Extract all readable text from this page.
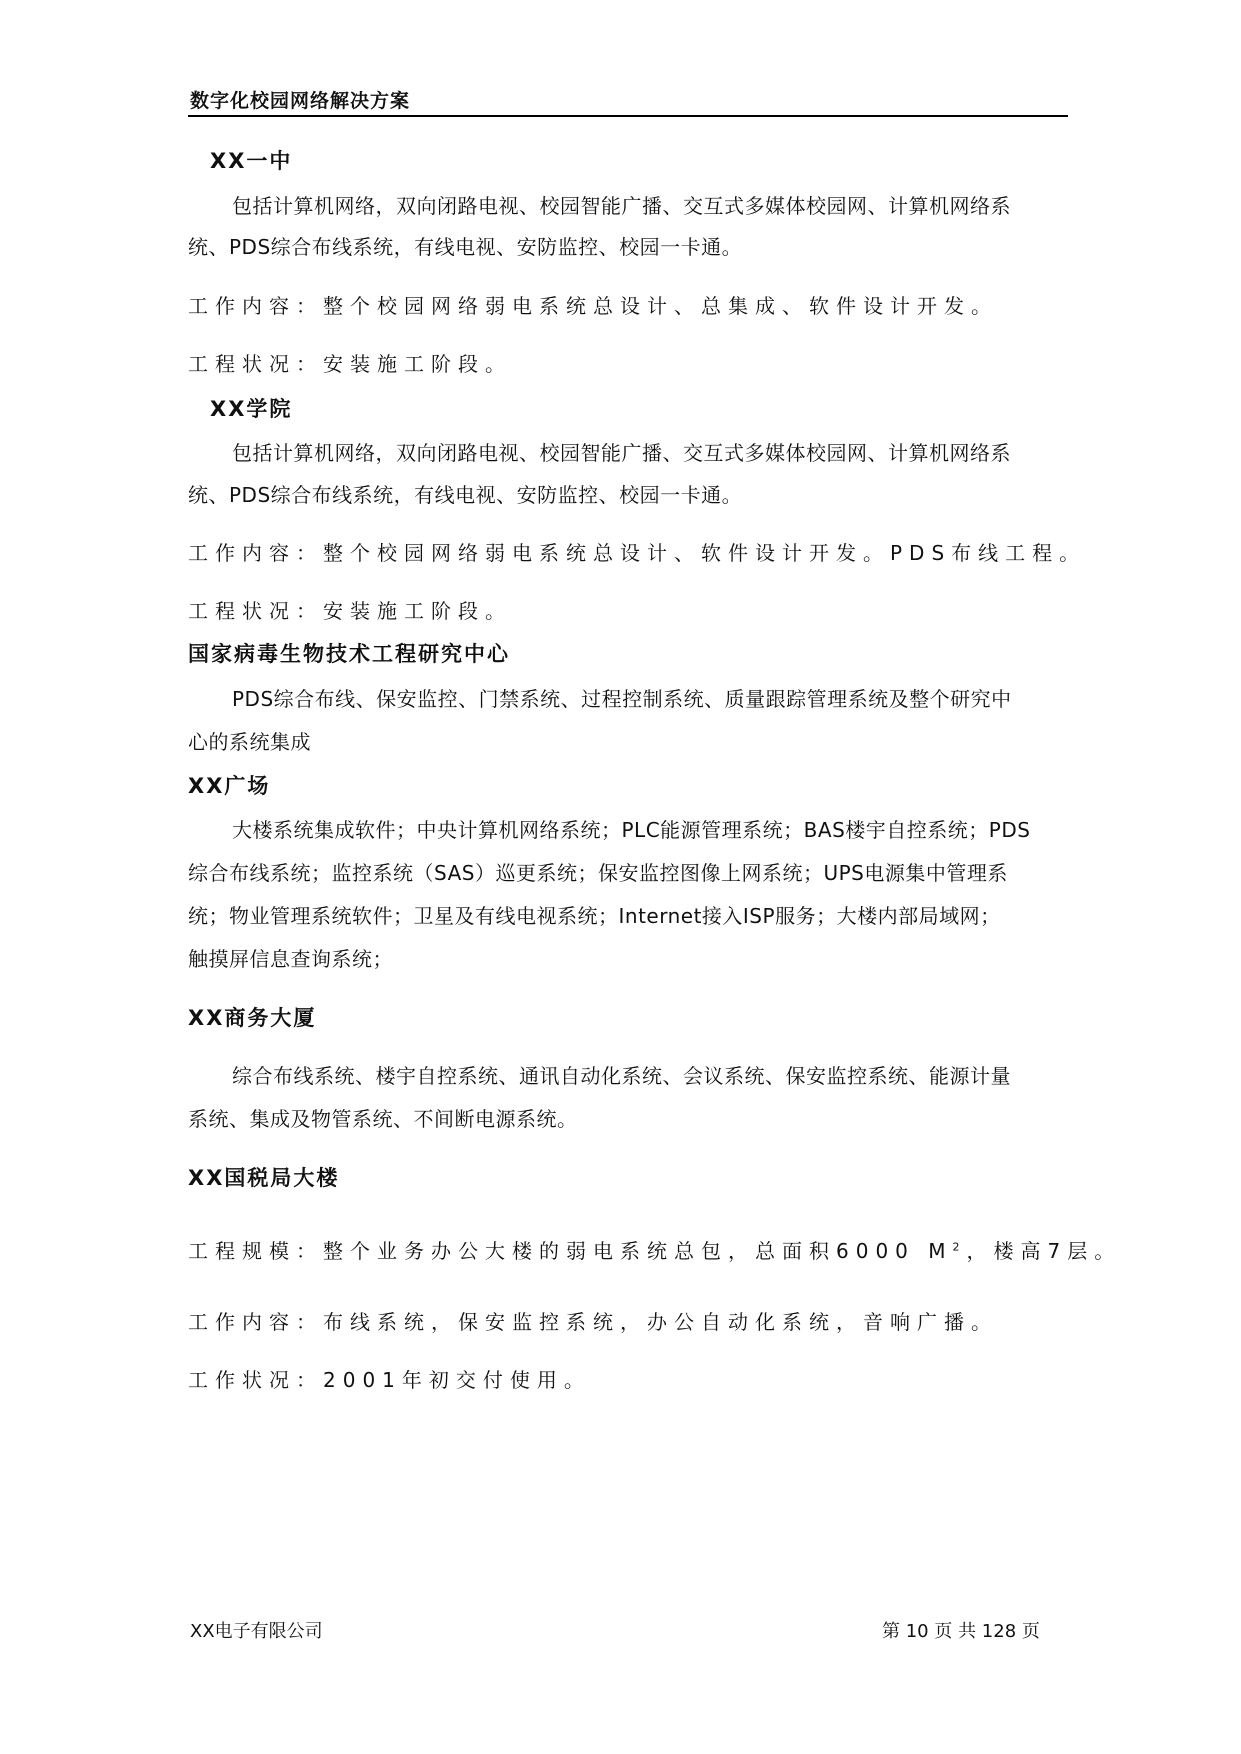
数字化校园网络解决方案
XX一中
包括计算机网络，双向闭路电视、校园智能广播、交互式多媒体校园网、计算机网络系
统、PDS综合布线系统，有线电视、安防监控、校园一卡通。
工作内容：整个校园网络弱电系统总设计、总集成、软件设计开发。
工程状况：安装施工阶段。
XX学院
包括计算机网络，双向闭路电视、校园智能广播、交互式多媒体校园网、计算机网络系
统、PDS综合布线系统，有线电视、安防监控、校园一卡通。
工作内容：整个校园网络弱电系统总设计、软件设计开发。PDS布线工程。
工程状况：安装施工阶段。
国家病毒生物技术工程研究中心
PDS综合布线、保安监控、门禁系统、过程控制系统、质量跟踪管理系统及整个研究中
心的系统集成
XX广场
大楼系统集成软件；中央计算机网络系统；PLC能源管理系统；BAS楼宇自控系统；PDS
综合布线系统；监控系统（SAS）巡更系统；保安监控图像上网系统；UPS电源集中管理系
统；物业管理系统软件；卫星及有线电视系统；Internet接入ISP服务；大楼内部局域网；
触摸屏信息查询系统；
XX商务大厦
综合布线系统、楼宇自控系统、通讯自动化系统、会议系统、保安监控系统、能源计量
系统、集成及物管系统、不间断电源系统。
XX国税局大楼
工程规模：整个业务办公大楼的弱电系统总包，总面积6000 $M^2$，楼高7层。
工作内容：布线系统，保安监控系统，办公自动化系统，音响广播。
工作状况：2001年初交付使用。
XX电子有限公司	第 10 页 共 128 页
